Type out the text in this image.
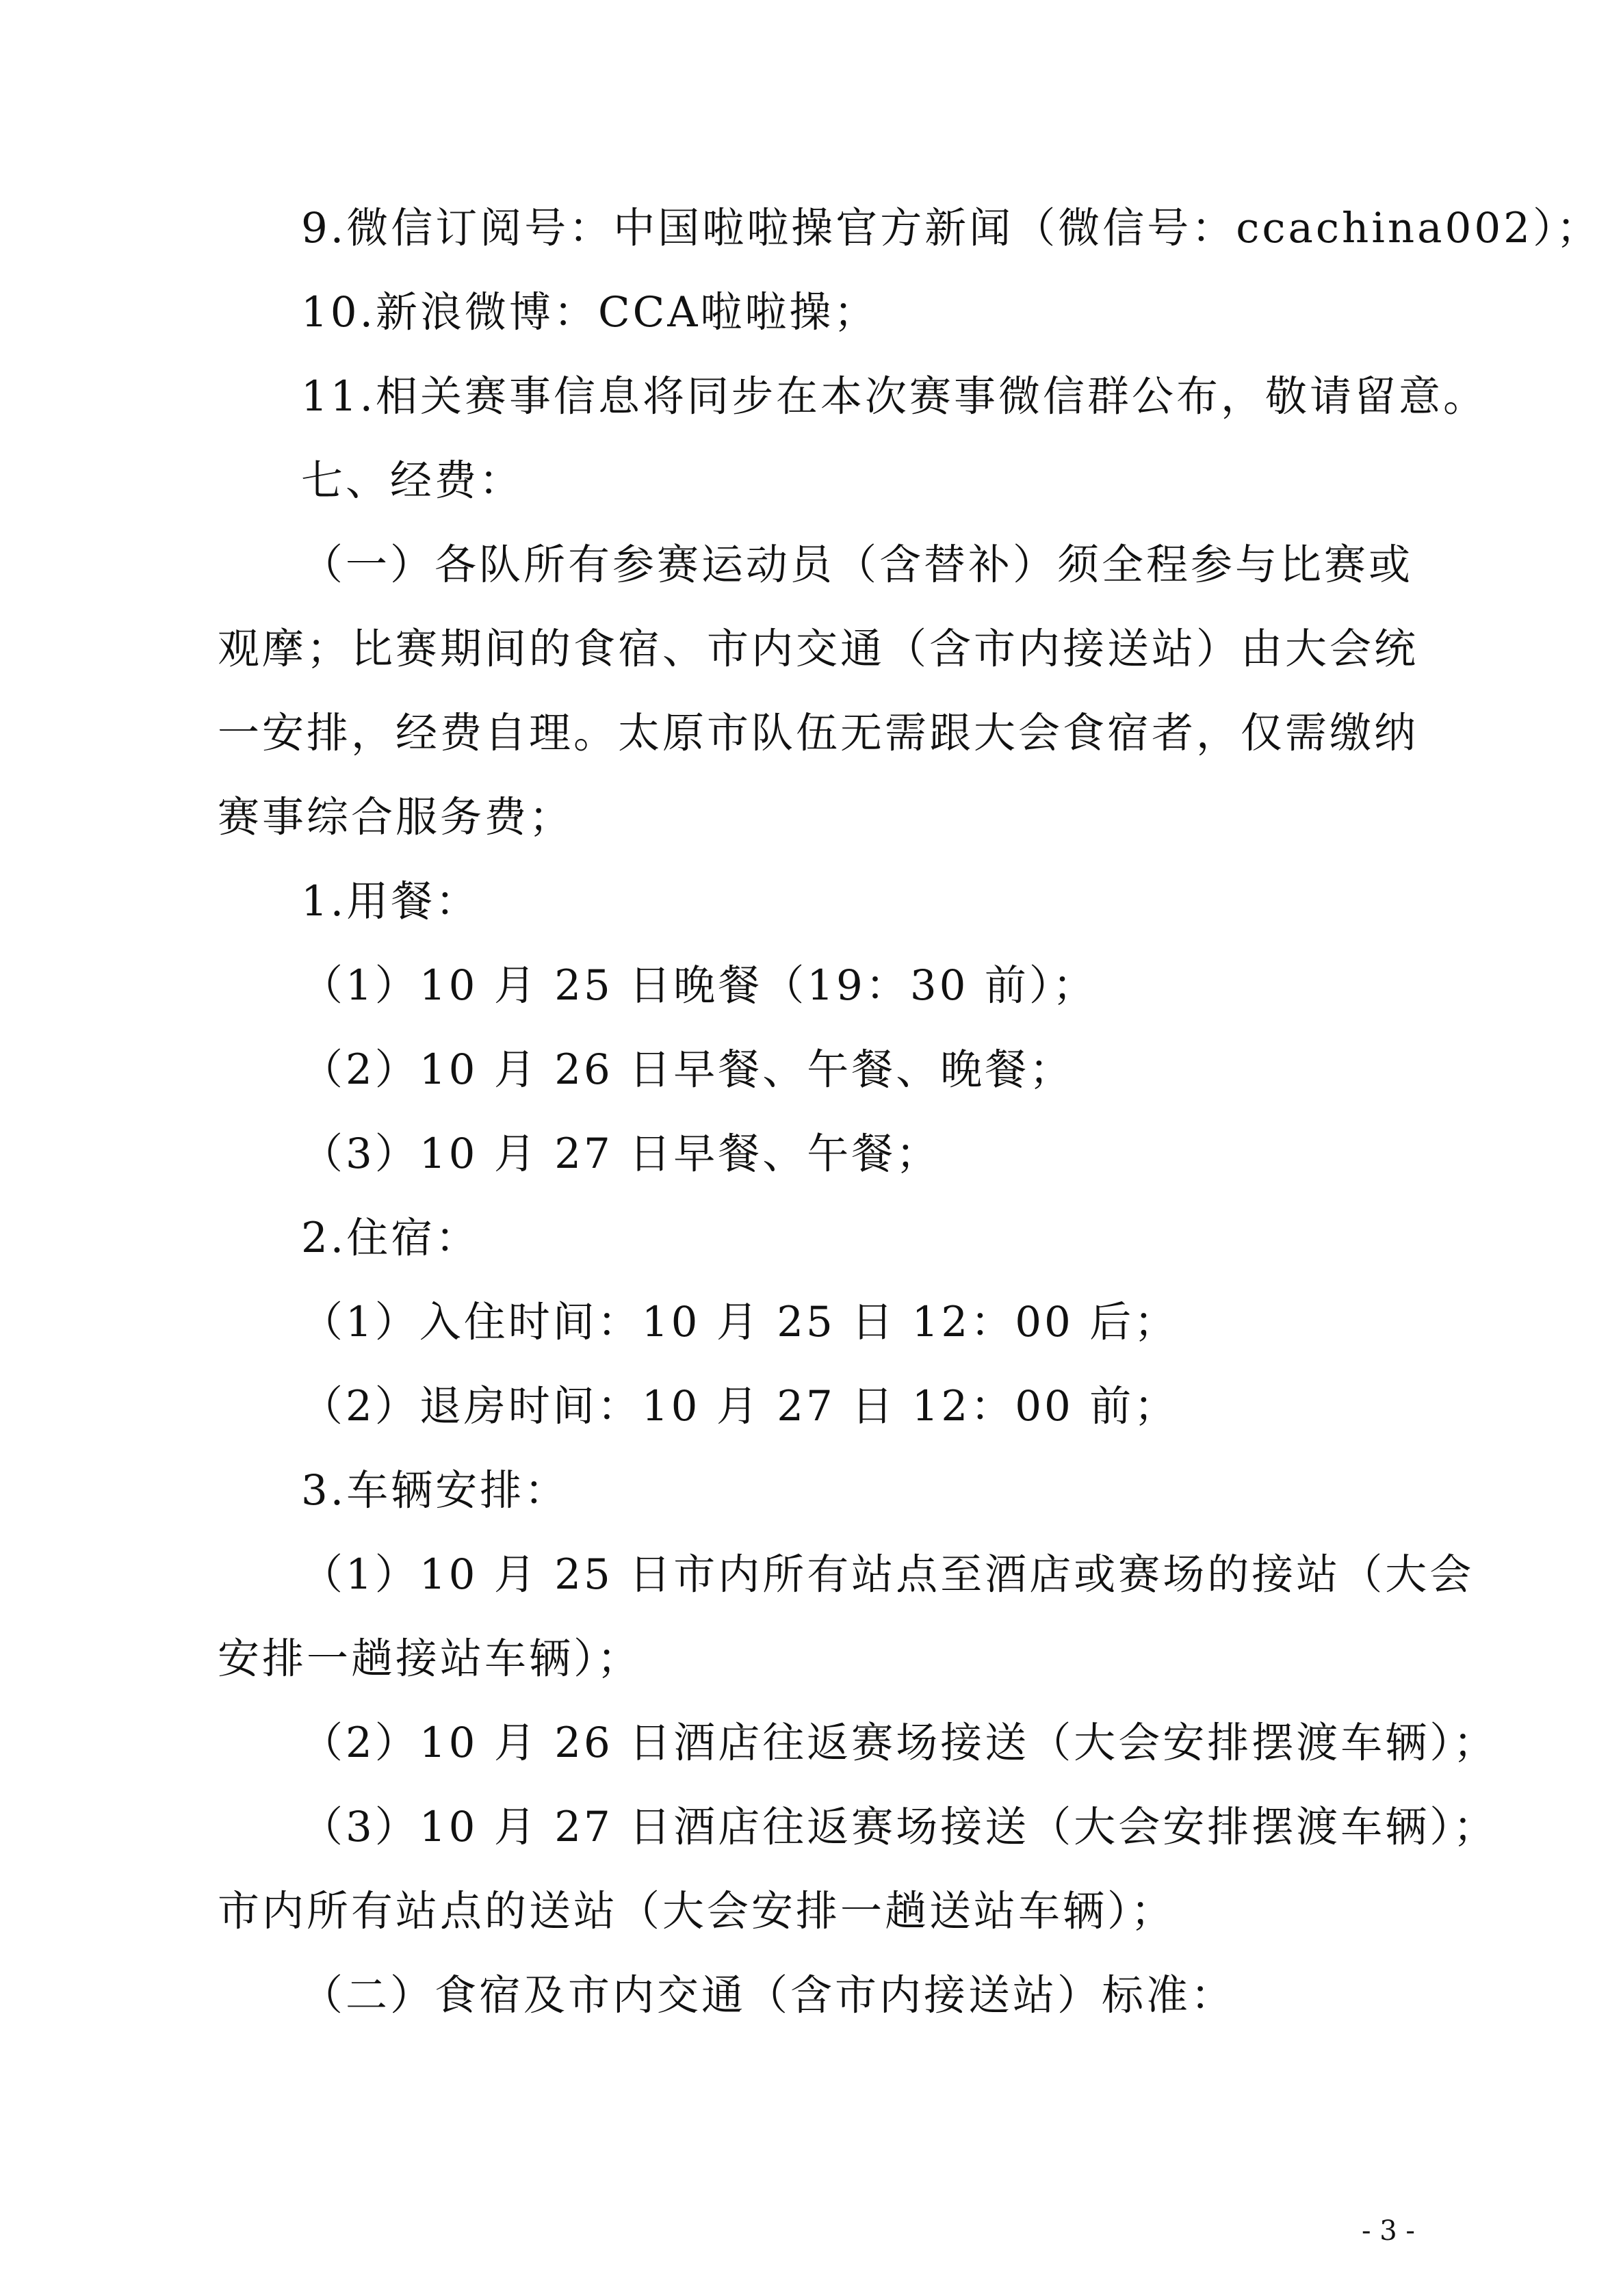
9.微信订阅号：中国啦啦操官方新闻（微信号：ccachina002）；
10.新浪微博：CCA啦啦操；
11.相关赛事信息将同步在本次赛事微信群公布，敬请留意。
七、经费：
（一）各队所有参赛运动员（含替补）须全程参与比赛或
观摩；比赛期间的食宿、市内交通（含市内接送站）由大会统
一安排，经费自理。太原市队伍无需跟大会食宿者，仅需缴纳
赛事综合服务费；
1.用餐：
（1）10 月 25 日晚餐（19：30 前）；
（2）10 月 26 日早餐、午餐、晚餐；
（3）10 月 27 日早餐、午餐；
2.住宿：
（1）入住时间：10 月 25 日 12：00 后；
（2）退房时间：10 月 27 日 12：00 前；
3.车辆安排：
（1）10 月 25 日市内所有站点至酒店或赛场的接站（大会
安排一趟接站车辆）；
（2）10 月 26 日酒店往返赛场接送（大会安排摆渡车辆）；
（3）10 月 27 日酒店往返赛场接送（大会安排摆渡车辆）；
市内所有站点的送站（大会安排一趟送站车辆）；
（二）食宿及市内交通（含市内接送站）标准：
- 3 -
